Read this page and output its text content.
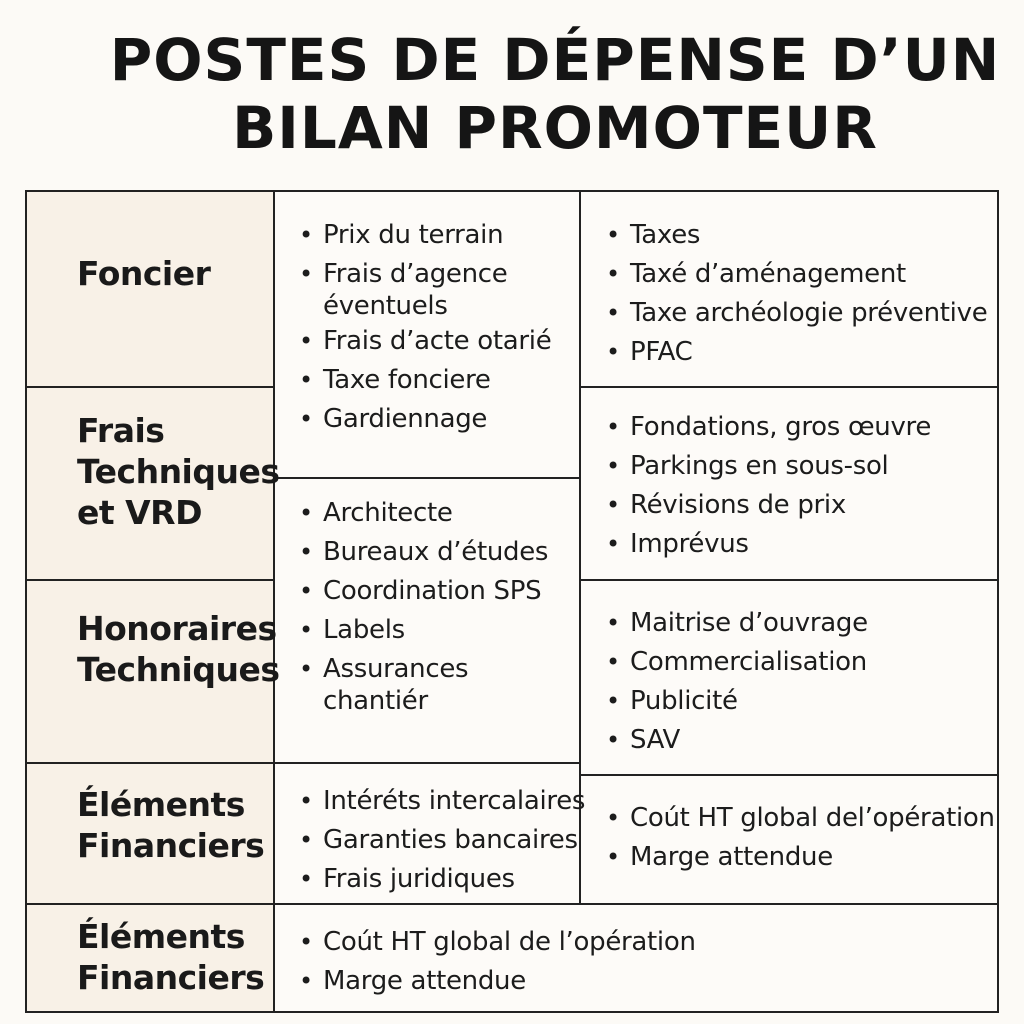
POSTES DE DÉPENSE D’UN
BILAN PROMOTEUR
Foncier
Frais
Techniques
et VRD
Honoraires
Techniques
Éléments
Financiers
Éléments
Financiers
• Prix du terrain
• Frais d’agence
éventuels
• Frais d’acte otarié
• Taxe fonciere
• Gardiennage
• Architecte
• Bureaux d’études
• Coordination SPS
• Labels
• Assurances
chantiér
• Intéréts intercalaires
• Garanties bancaires
• Frais juridiques
• Taxes
• Taxé d’aménagement
• Taxe archéologie préventive
• PFAC
• Fondations, gros œuvre
• Parkings en sous-sol
• Révisions de prix
• Imprévus
• Maitrise d’ouvrage
• Commercialisation
• Publicité
• SAV
• Coút HT global del’opération
• Marge attendue
• Coút HT global de l’opération
• Marge attendue
